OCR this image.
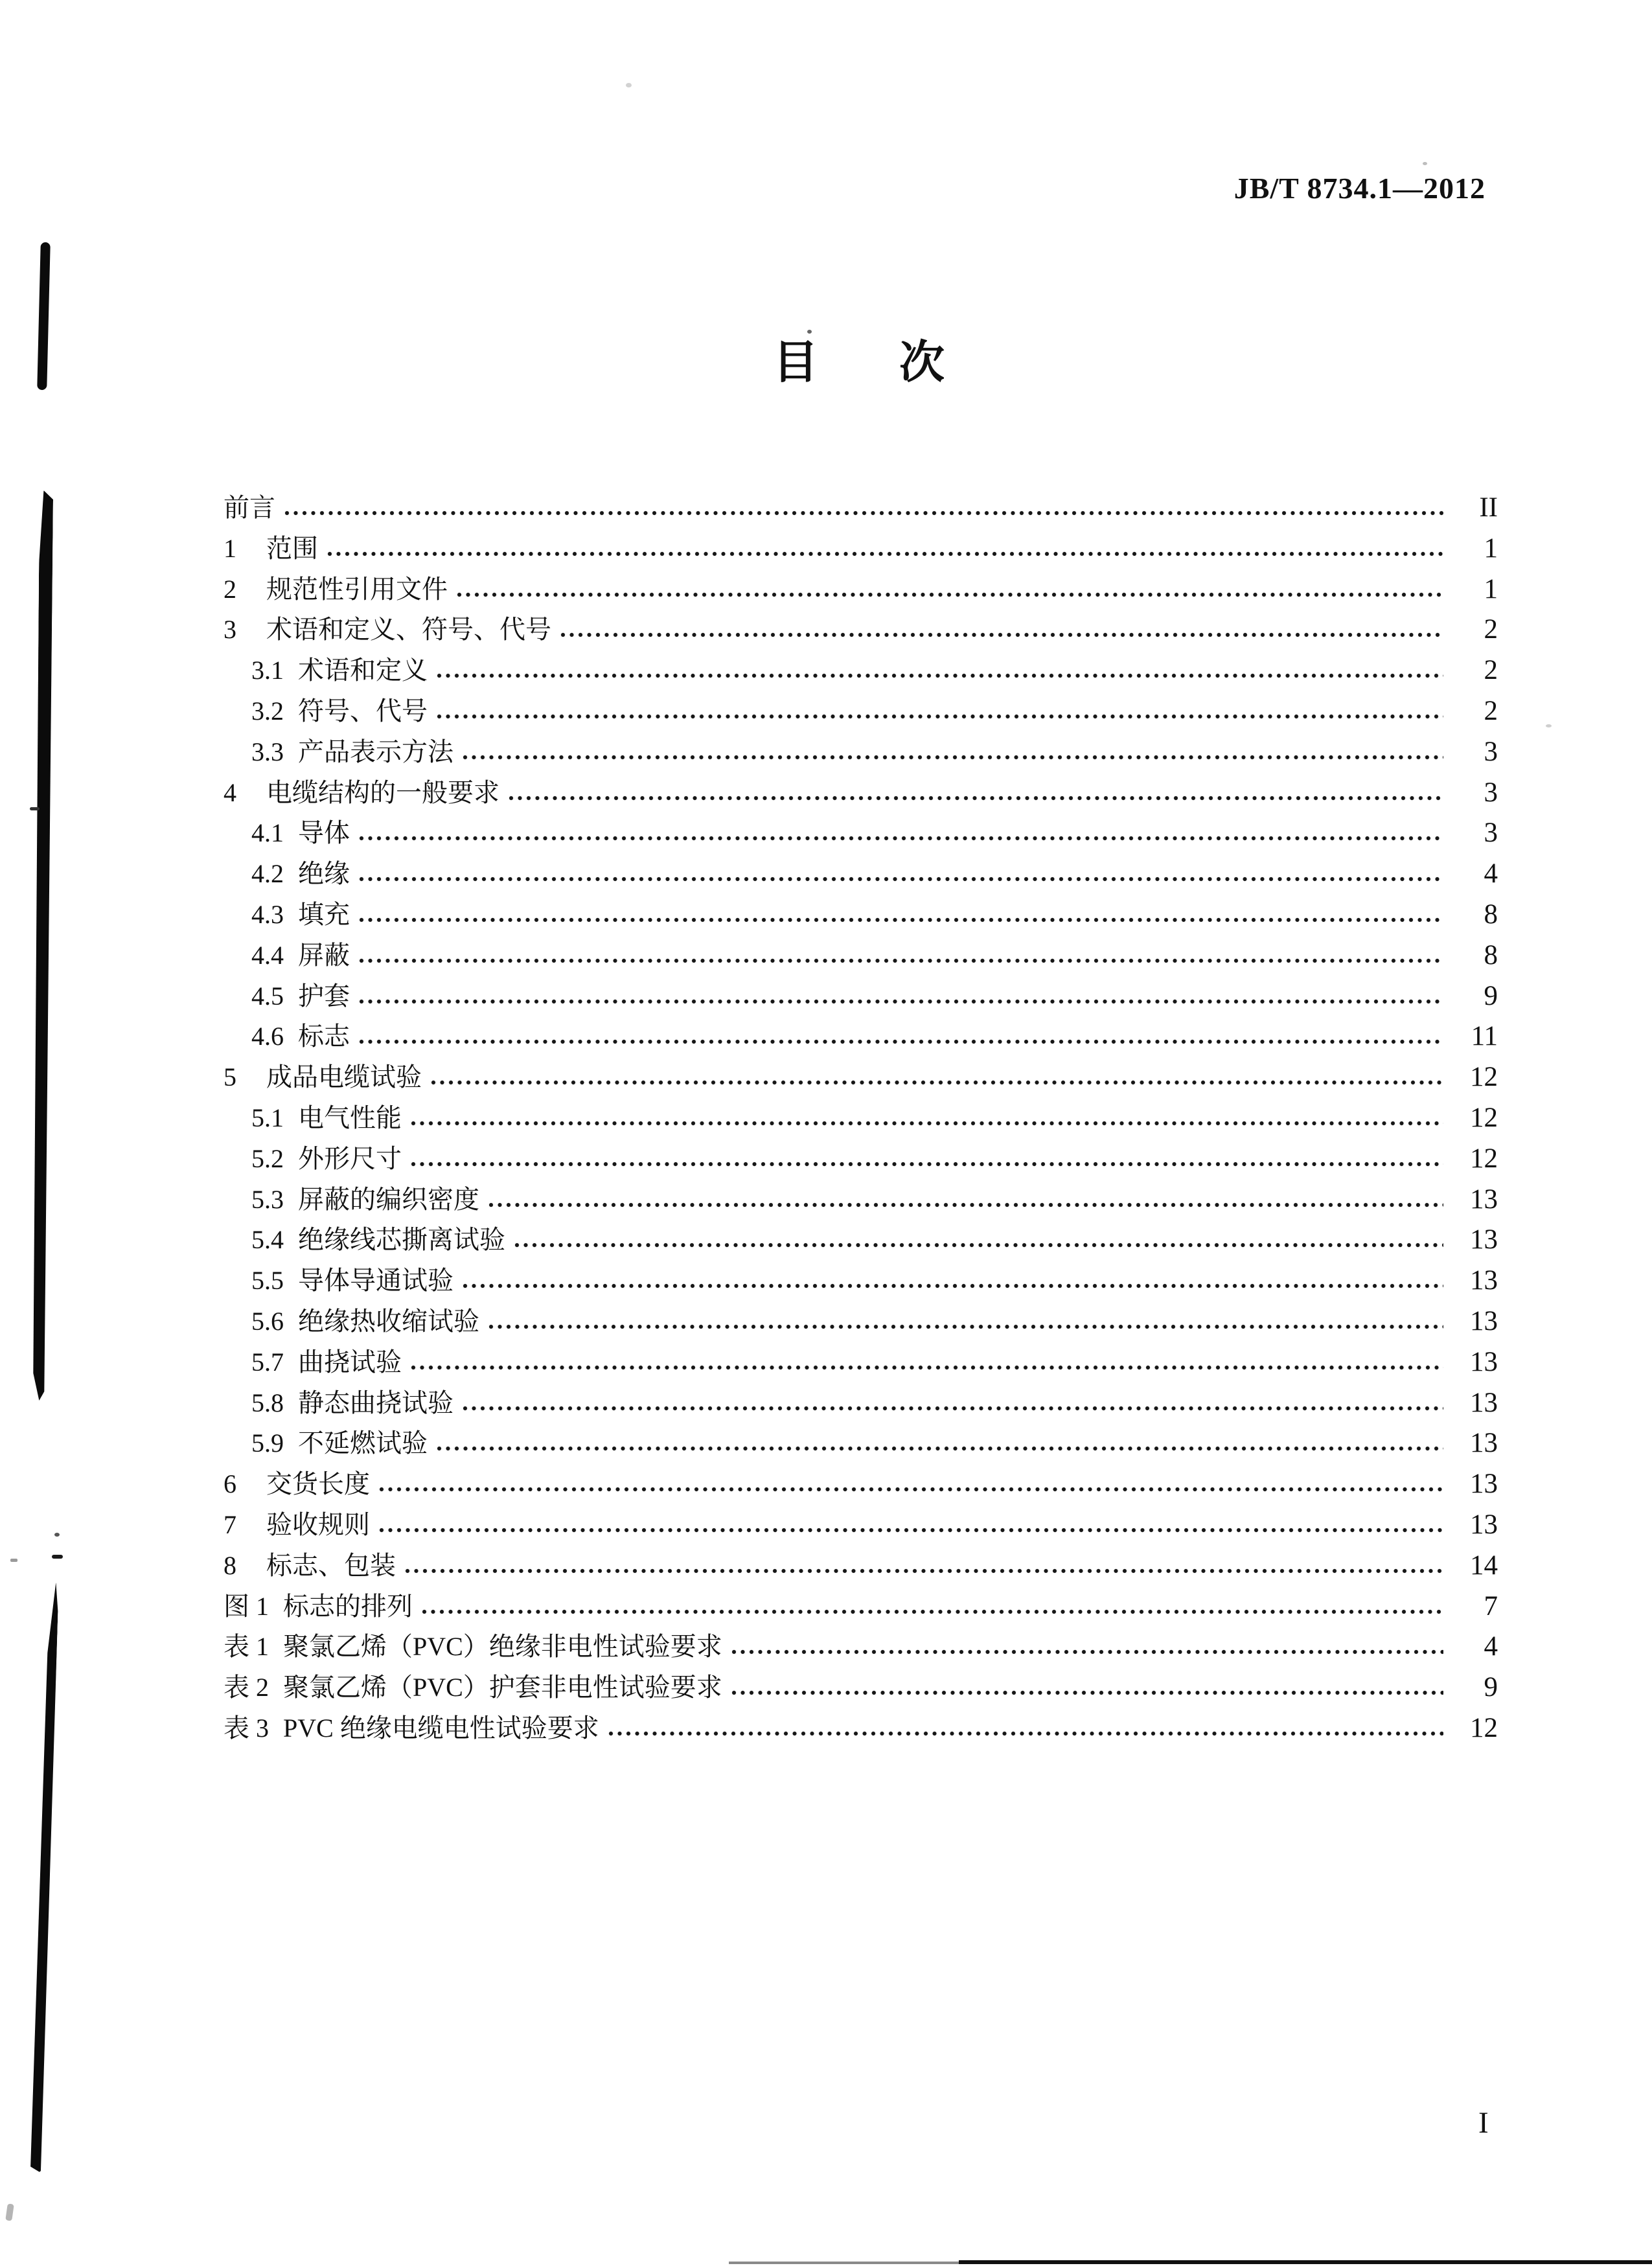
JB/T 8734.1—2012
目 次
前言	II
1 范围	1
2 规范性引用文件	1
3 术语和定义、符号、代号	2
3.1 术语和定义	2
3.2 符号、代号	2
3.3 产品表示方法	3
4 电缆结构的一般要求	3
4.1 导体	3
4.2 绝缘	4
4.3 填充	8
4.4 屏蔽	8
4.5 护套	9
4.6 标志	11
5 成品电缆试验	12
5.1 电气性能	12
5.2 外形尺寸	12
5.3 屏蔽的编织密度	13
5.4 绝缘线芯撕离试验	13
5.5 导体导通试验	13
5.6 绝缘热收缩试验	13
5.7 曲挠试验	13
5.8 静态曲挠试验	13
5.9 不延燃试验	13
6 交货长度	13
7 验收规则	13
8 标志、包装	14
图 1 标志的排列	7
表 1 聚氯乙烯（PVC）绝缘非电性试验要求	4
表 2 聚氯乙烯（PVC）护套非电性试验要求	9
表 3 PVC 绝缘电缆电性试验要求	12
I
